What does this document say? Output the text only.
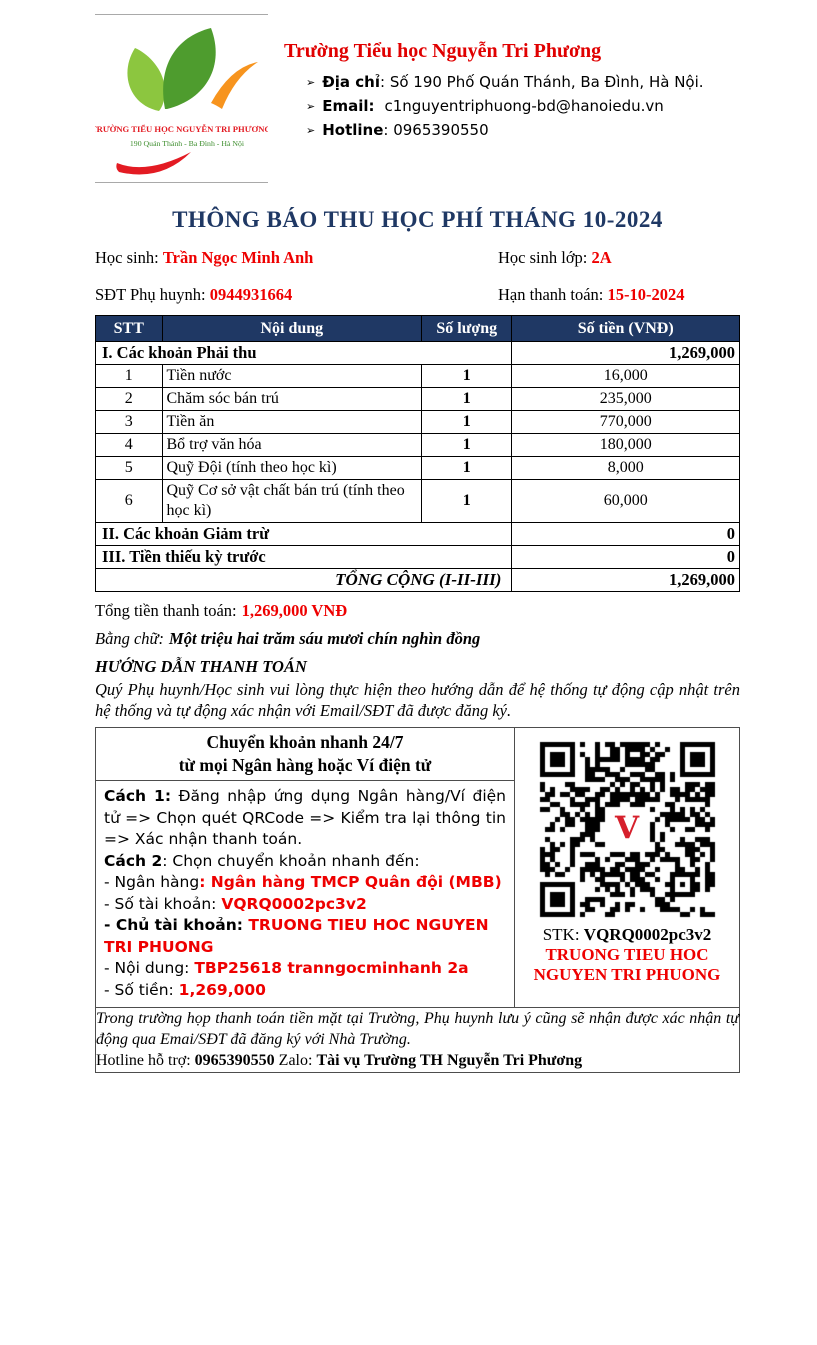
TRƯỜNG TIỂU HỌC NGUYỄN TRI PHƯƠNG
190 Quán Thánh - Ba Đình - Hà Nội
Trường Tiểu học Nguyễn Tri Phương
➢ Địa chỉ: Số 190 Phố Quán Thánh, Ba Đình, Hà Nội.
➢ Email: c1nguyentriphuong-bd@hanoiedu.vn
➢ Hotline: 0965390550
THÔNG BÁO THU HỌC PHÍ THÁNG 10-2024
Học sinh: Trần Ngọc Minh Anh	Học sinh lớp: 2A
SĐT Phụ huynh: 0944931664	Hạn thanh toán: 15-10-2024
STT	Nội dung	Số lượng	Số tiền (VNĐ)
I. Các khoản Phải thu			1,269,000
1	Tiền nước	1	16,000
2	Chăm sóc bán trú	1	235,000
3	Tiền ăn	1	770,000
4	Bổ trợ văn hóa	1	180,000
5	Quỹ Đội (tính theo học kì)	1	8,000
6	Quỹ Cơ sở vật chất bán trú (tính theo học kì)	1	60,000
II. Các khoản Giảm trừ			0
III. Tiền thiếu kỳ trước			0
TỔNG CỘNG (I-II-III)			1,269,000
Tổng tiền thanh toán: 1,269,000 VNĐ
Bằng chữ: Một triệu hai trăm sáu mươi chín nghìn đồng
HƯỚNG DẪN THANH TOÁN
Quý Phụ huynh/Học sinh vui lòng thực hiện theo hướng dẫn để hệ thống tự động cập nhật trên hệ thống và tự động xác nhận với Email/SĐT đã được đăng ký.
Chuyển khoản nhanh 24/7
từ mọi Ngân hàng hoặc Ví điện tử

Cách 1: Đăng nhập ứng dụng Ngân hàng/Ví điện tử => Chọn quét QRCode => Kiểm tra lại thông tin => Xác nhận thanh toán.

Cách 2: Chọn chuyển khoản nhanh đến:

- Ngân hàng: Ngân hàng TMCP Quân đội (MBB)

- Số tài khoản: VQRQ0002pc3v2

- Chủ tài khoản: TRUONG TIEU HOC NGUYEN TRI PHUONG

- Nội dung: TBP25618 tranngocminhanh 2a

- Số tiền: 1,269,000

V
STK: VQRQ0002pc3v2
TRUONG TIEU HOC
NGUYEN TRI PHUONG

Trong trường họp thanh toán tiền mặt tại Trường, Phụ huynh lưu ý cũng sẽ nhận được xác nhận tự động qua Emai/SĐT đã đăng ký với Nhà Trường.

Hotline hỗ trợ: 0965390550 Zalo: Tài vụ Trường TH Nguyễn Tri Phương
